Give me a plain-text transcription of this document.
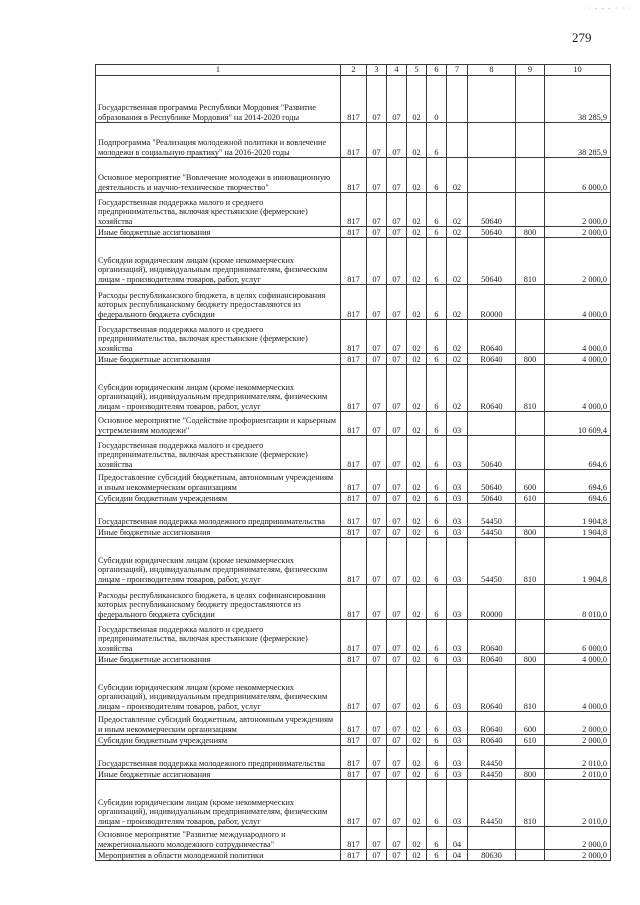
· - - - · · ·
279
1	2	3	4	5	6	7	8	9	10
Государственная программа Республики Мордовия "Развитие образования в Республике Мордовия" на 2014-2020 годы	817	07	07	02	0				38 285,9
Подпрограмма "Реализация молодежной политики и вовлечение молодежи в социальную практику" на 2016-2020 годы	817	07	07	02	6				38 285,9
Основное мероприятие "Вовлечение молодежи в инновационную деятельность и научно-техническое творчество"	817	07	07	02	6	02			6 000,0
Государственная поддержка малого и среднего предпринимательства, включая крестьянские (фермерские) хозяйства	817	07	07	02	6	02	50640		2 000,0
Иные бюджетные ассигнования	817	07	07	02	6	02	50640	800	2 000,0
Субсидии юридическим лицам (кроме некоммерческих организаций), индивидуальным предпринимателям, физическим лицам - производителям товаров, работ, услуг	817	07	07	02	6	02	50640	810	2 000,0
Расходы республиканского бюджета, в целях софинансирования которых республиканскому бюджету предоставляются из федерального бюджета субсидии	817	07	07	02	6	02	R0000		4 000,0
Государственная поддержка малого и среднего предпринимательства, включая крестьянские (фермерские) хозяйства	817	07	07	02	6	02	R0640		4 000,0
Иные бюджетные ассигнования	817	07	07	02	6	02	R0640	800	4 000,0
Субсидии юридическим лицам (кроме некоммерческих организаций), индивидуальным предпринимателям, физическим лицам - производителям товаров, работ, услуг	817	07	07	02	6	02	R0640	810	4 000,0
Основное мероприятие "Содействие профориентации и карьерным устремлениям молодежи"	817	07	07	02	6	03			10 609,4
Государственная поддержка малого и среднего предпринимательства, включая крестьянские (фермерские) хозяйства	817	07	07	02	6	03	50640		694,6
Предоставление субсидий бюджетным, автономным учреждениям и иным некоммерческим организациям	817	07	07	02	6	03	50640	600	694,6
Субсидии бюджетным учреждениям	817	07	07	02	6	03	50640	610	694,6
Государственная поддержка молодежного предпринимательства	817	07	07	02	6	03	54450		1 904,8
Иные бюджетные ассигнования	817	07	07	02	6	03	54450	800	1 904,8
Субсидии юридическим лицам (кроме некоммерческих организаций), индивидуальным предпринимателям, физическим лицам - производителям товаров, работ, услуг	817	07	07	02	6	03	54450	810	1 904,8
Расходы республиканского бюджета, в целях софинансирования которых республиканскому бюджету предоставляются из федерального бюджета субсидии	817	07	07	02	6	03	R0000		8 010,0
Государственная поддержка малого и среднего предпринимательства, включая крестьянские (фермерские) хозяйства	817	07	07	02	6	03	R0640		6 000,0
Иные бюджетные ассигнования	817	07	07	02	6	03	R0640	800	4 000,0
Субсидии юридическим лицам (кроме некоммерческих организаций), индивидуальным предпринимателям, физическим лицам - производителям товаров, работ, услуг	817	07	07	02	6	03	R0640	810	4 000,0
Предоставление субсидий бюджетным, автономным учреждениям и иным некоммерческим организациям	817	07	07	02	6	03	R0640	600	2 000,0
Субсидии бюджетным учреждениям	817	07	07	02	6	03	R0640	610	2 000,0
Государственная поддержка молодежного предпринимательства	817	07	07	02	6	03	R4450		2 010,0
Иные бюджетные ассигнования	817	07	07	02	6	03	R4450	800	2 010,0
Субсидии юридическим лицам (кроме некоммерческих организаций), индивидуальным предпринимателям, физическим лицам - производителям товаров, работ, услуг	817	07	07	02	6	03	R4450	810	2 010,0
Основное мероприятие "Развитие международного и межрегионального молодежного сотрудничества"	817	07	07	02	6	04			2 000,0
Мероприятия в области молодежной политики	817	07	07	02	6	04	80630		2 000,0
